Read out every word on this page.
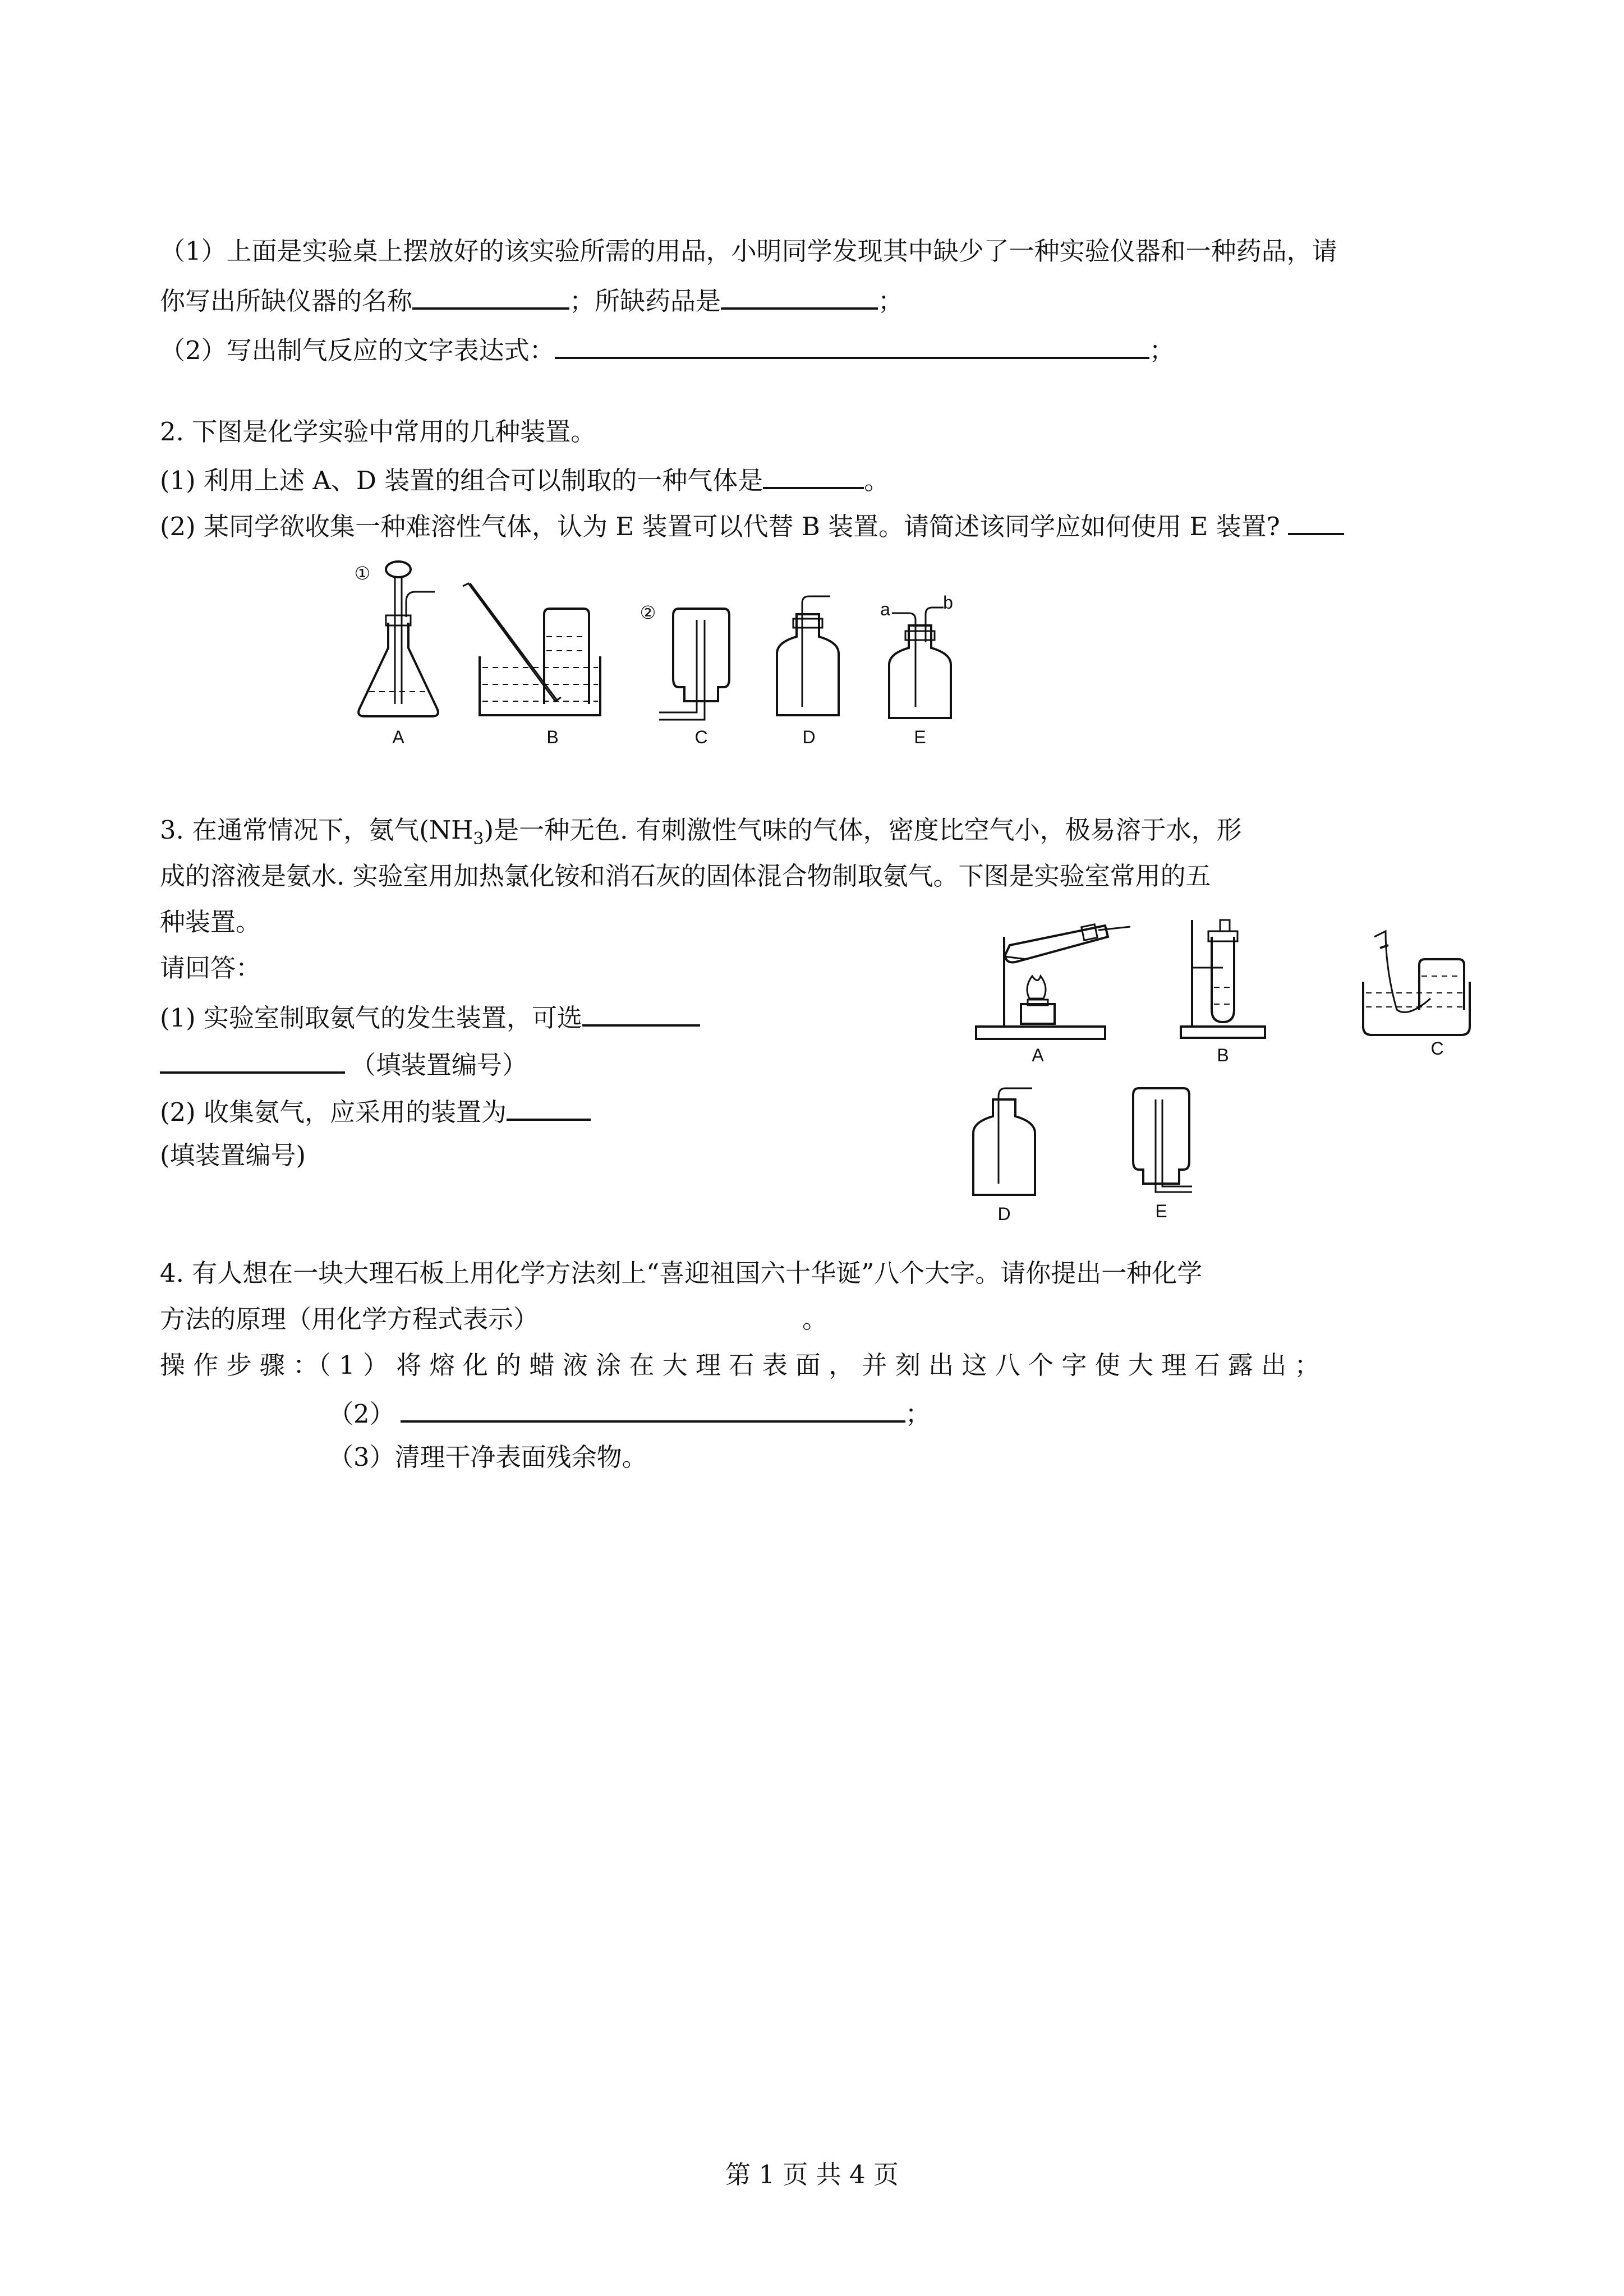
（1）上面是实验桌上摆放好的该实验所需的用品，小明同学发现其中缺少了一种实验仪器和一种药品，请
你写出所缺仪器的名称	；所缺药品是	；
（2）写出制气反应的文字表达式：	；
2. 下图是化学实验中常用的几种装置。
(1) 利用上述 A、D 装置的组合可以制取的一种气体是	。
(2) 某同学欲收集一种难溶性气体，认为 E 装置可以代替 B 装置。请简述该同学应如何使用 E 装置?
①
A	B
②
C	D
a	b
E
3. 在通常情况下，氨气$(NH_3)$是一种无色. 有刺激性气味的气体，密度比空气小，极易溶于水，形
成的溶液是氨水. 实验室用加热氯化铵和消石灰的固体混合物制取氨气。下图是实验室常用的五
种装置。
请回答：
(1) 实验室制取氨气的发生装置，可选
（填装置编号）
(2) 收集氨气，应采用的装置为
(填装置编号)
A	B	C
D	E
4. 有人想在一块大理石板上用化学方法刻上“喜迎祖国六十华诞”八个大字。请你提出一种化学
方法的原理（用化学方程式表示）	。
操 作 步 骤 ：（ 1 ） 将 熔 化 的 蜡 液 涂 在 大 理 石 表 面 ， 并 刻 出 这 八 个 字 使 大 理 石 露 出 ；
（2）	；
（3）清理干净表面残余物。
第 1 页 共 4 页
